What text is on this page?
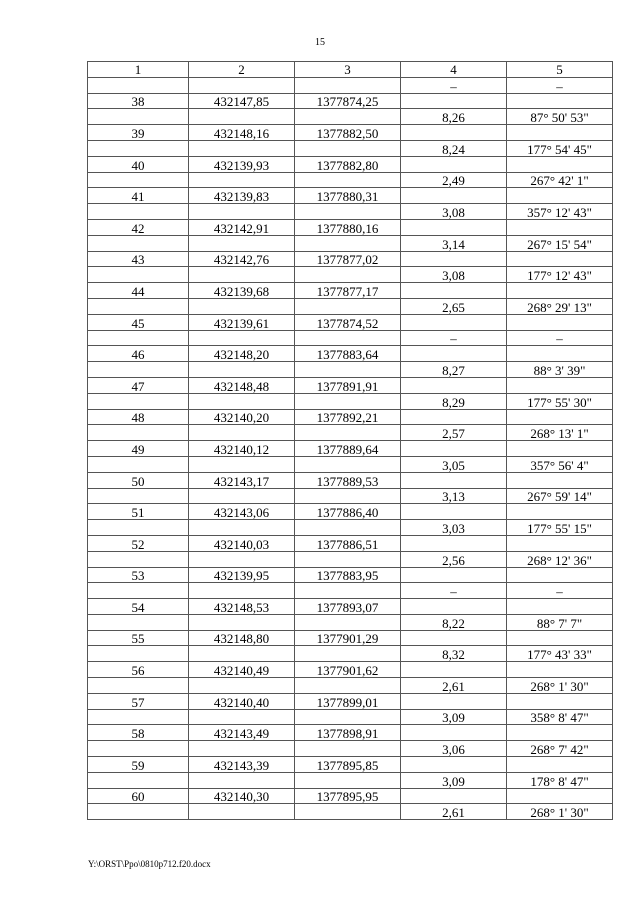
15
1	2	3	4	5
			–	–
38	432147,85	1377874,25		
			8,26	87° 50' 53"
39	432148,16	1377882,50		
			8,24	177° 54' 45"
40	432139,93	1377882,80		
			2,49	267° 42' 1"
41	432139,83	1377880,31		
			3,08	357° 12' 43"
42	432142,91	1377880,16		
			3,14	267° 15' 54"
43	432142,76	1377877,02		
			3,08	177° 12' 43"
44	432139,68	1377877,17		
			2,65	268° 29' 13"
45	432139,61	1377874,52		
			–	–
46	432148,20	1377883,64		
			8,27	88° 3' 39"
47	432148,48	1377891,91		
			8,29	177° 55' 30"
48	432140,20	1377892,21		
			2,57	268° 13' 1"
49	432140,12	1377889,64		
			3,05	357° 56' 4"
50	432143,17	1377889,53		
			3,13	267° 59' 14"
51	432143,06	1377886,40		
			3,03	177° 55' 15"
52	432140,03	1377886,51		
			2,56	268° 12' 36"
53	432139,95	1377883,95		
			–	–
54	432148,53	1377893,07		
			8,22	88° 7' 7"
55	432148,80	1377901,29		
			8,32	177° 43' 33"
56	432140,49	1377901,62		
			2,61	268° 1' 30"
57	432140,40	1377899,01		
			3,09	358° 8' 47"
58	432143,49	1377898,91		
			3,06	268° 7' 42"
59	432143,39	1377895,85		
			3,09	178° 8' 47"
60	432140,30	1377895,95		
			2,61	268° 1' 30"
Y:\ORST\Ppo\0810p712.f20.docx
